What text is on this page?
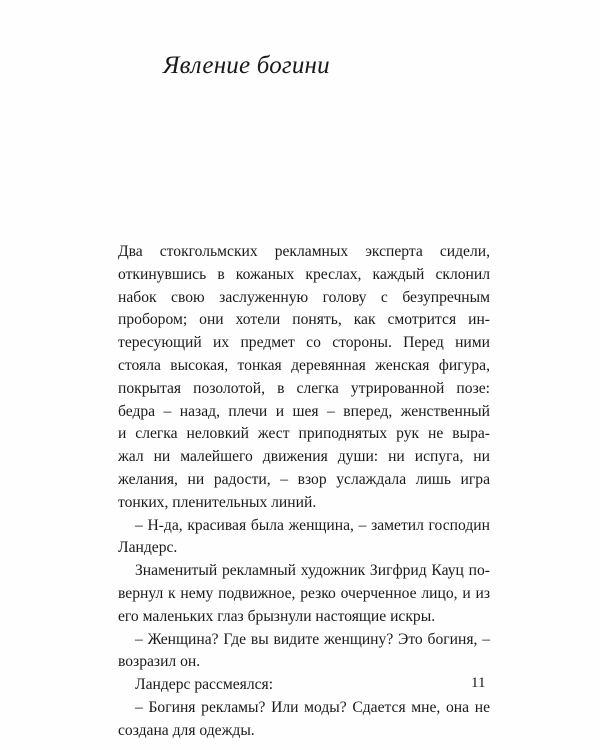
Явление богини
Два стокгольмских рекламных эксперта сидели,
откинувшись в кожаных креслах, каждый склонил
набок свою заслуженную голову с безупречным
пробором; они хотели понять, как смотрится ин-
тересующий их предмет со стороны. Перед ними
стояла высокая, тонкая деревянная женская фигура,
покрытая позолотой, в слегка утрированной позе:
бедра – назад, плечи и шея – вперед, женственный
и слегка неловкий жест приподнятых рук не выра-
жал ни малейшего движения души: ни испуга, ни
желания, ни радости, – взор услаждала лишь игра
тонких, пленительных линий.
– Н-да, красивая была женщина, – заметил господин
Ландерс.
Знаменитый рекламный художник Зигфрид Кауц по-
вернул к нему подвижное, резко очерченное лицо, и из
его маленьких глаз брызнули настоящие искры.
– Женщина? Где вы видите женщину? Это богиня, –
возразил он.
Ландерс рассмеялся:
– Богиня рекламы? Или моды? Сдается мне, она не
создана для одежды.

11
